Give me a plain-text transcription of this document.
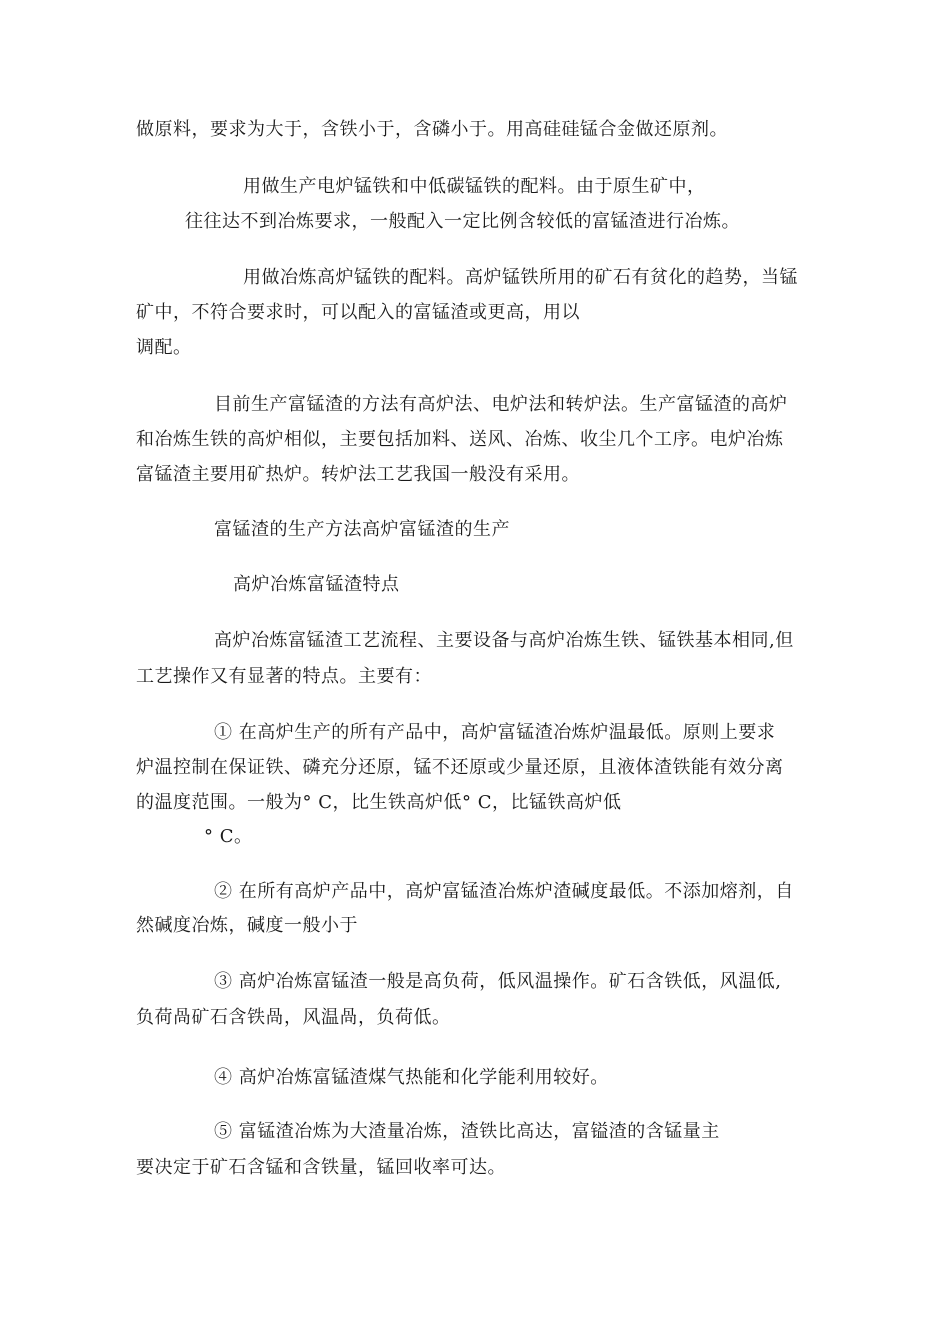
做原料，要求为大于，含铁小于，含磷小于。用高硅硅锰合金做还原剂。
用做生产电炉锰铁和中低碳锰铁的配料。由于原生矿中，
往往达不到冶炼要求，一般配入一定比例含较低的富锰渣进行冶炼。
用做冶炼高炉锰铁的配料。高炉锰铁所用的矿石有贫化的趋势，当锰
矿中，不符合要求时，可以配入的富锰渣或更高，用以
调配。
目前生产富锰渣的方法有高炉法、电炉法和转炉法。生产富锰渣的高炉
和冶炼生铁的高炉相似，主要包括加料、送风、冶炼、收尘几个工序。电炉冶炼
富锰渣主要用矿热炉。转炉法工艺我国一般没有采用。
富锰渣的生产方法高炉富锰渣的生产
高炉冶炼富锰渣特点
高炉冶炼富锰渣工艺流程、主要设备与高炉冶炼生铁、锰铁基本相同,但
工艺操作又有显著的特点。主要有：
① 在高炉生产的所有产品中，高炉富锰渣冶炼炉温最低。原则上要求
炉温控制在保证铁、磷充分还原，锰不还原或少量还原，且液体渣铁能有效分离
的温度范围。一般为° C，比生铁高炉低° C，比锰铁高炉低
° C。
② 在所有高炉产品中，高炉富锰渣冶炼炉渣碱度最低。不添加熔剂，自
然碱度冶炼，碱度一般小于
③ 高炉冶炼富锰渣一般是高负荷，低风温操作。矿石含铁低，风温低,
负荷咼矿石含铁咼，风温咼，负荷低。
④ 高炉冶炼富锰渣煤气热能和化学能利用较好。
⑤ 富锰渣冶炼为大渣量冶炼，渣铁比高达，富镒渣的含锰量主
要决定于矿石含锰和含铁量，锰回收率可达。
